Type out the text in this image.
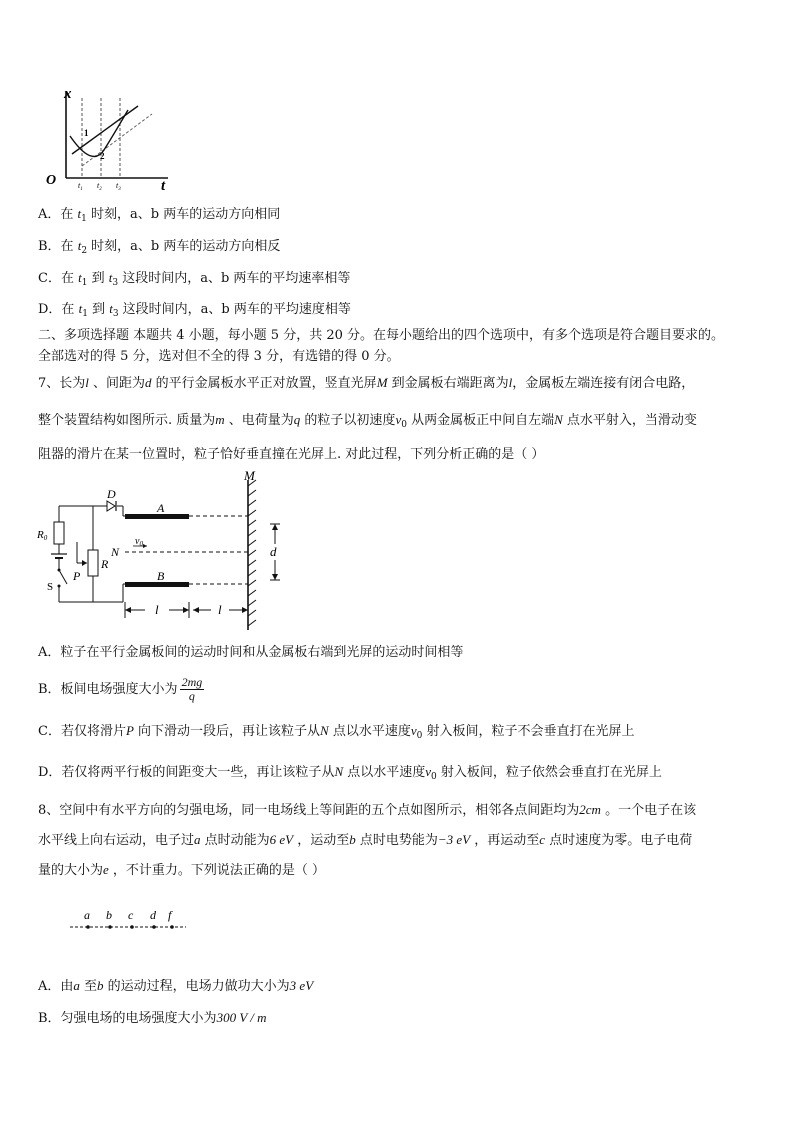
x
t
O
1
2
$t_1$ $t_2$ $t_3$
A．在 $t_1$ 时刻，a、b 两车的运动方向相同
B．在 $t_2$ 时刻，a、b 两车的运动方向相反
C．在 $t_1$ 到 $t_3$ 这段时间内，a、b 两车的平均速率相等
D．在 $t_1$ 到 $t_3$ 这段时间内，a、b 两车的平均速度相等
二、多项选择题 本题共 4 小题，每小题 5 分，共 20 分。在每小题给出的四个选项中，有多个选项是符合题目要求的。
全部选对的得 5 分，选对但不全的得 3 分，有选错的得 0 分。
7、长为l 、间距为d 的平行金属板水平正对放置，竖直光屏M 到金属板右端距离为l，金属板左端连接有闭合电路，
整个装置结构如图所示. 质量为m 、电荷量为q 的粒子以初速度$v_0$ 从两金属板正中间自左端N 点水平射入，当滑动变
阻器的滑片在某一位置时，粒子恰好垂直撞在光屏上. 对此过程，下列分析正确的是（ ）
M
A
B
$v_0$
N	d
l	l
D
R0
S
R
P
A．粒子在平行金属板间的运动时间和从金属板右端到光屏的运动时间相等
B．板间电场强度大小为 $\frac{2mg}{q}$
C．若仅将滑片P 向下滑动一段后，再让该粒子从N 点以水平速度$v_0$ 射入板间，粒子不会垂直打在光屏上
D．若仅将两平行板的间距变大一些，再让该粒子从N 点以水平速度$v_0$ 射入板间，粒子依然会垂直打在光屏上
8、空间中有水平方向的匀强电场，同一电场线上等间距的五个点如图所示，相邻各点间距均为2cm 。一个电子在该
水平线上向右运动，电子过a 点时动能为6 eV ，运动至b 点时电势能为−3 eV ，再运动至c 点时速度为零。电子电荷
量的大小为e ，不计重力。下列说法正确的是（ ）
a b c d f
A．由a 至b 的运动过程，电场力做功大小为3 eV
B．匀强电场的电场强度大小为300 V / m
